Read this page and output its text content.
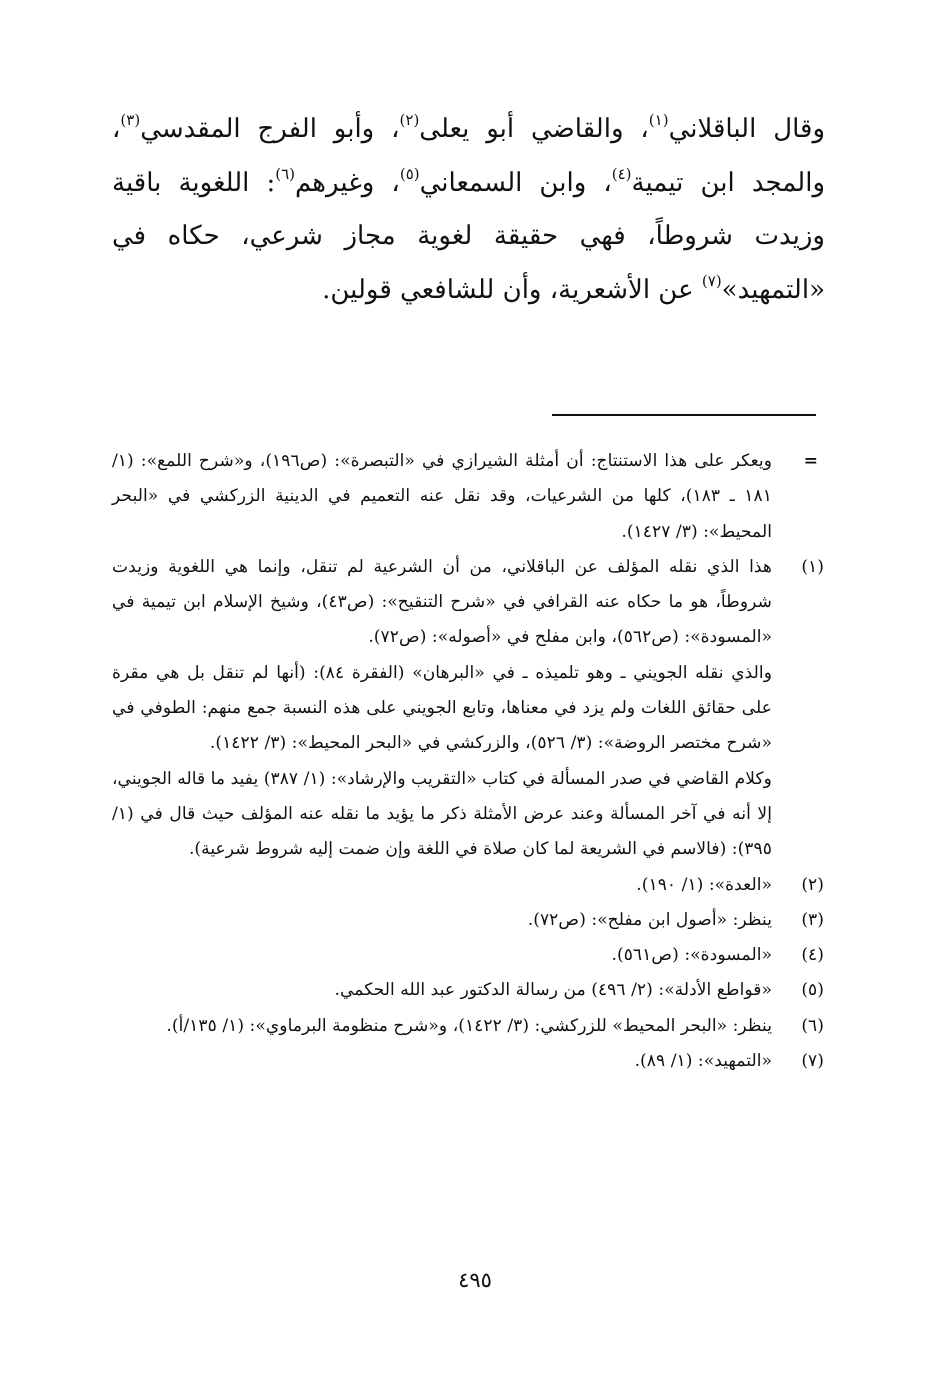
وقال الباقلاني$^{(١)}$، والقاضي أبو يعلى$^{(٢)}$، وأبو الفرج المقدسي$^{(٣)}$، والمجد ابن تيمية$^{(٤)}$، وابن السمعاني$^{(٥)}$، وغيرهم$^{(٦)}$: اللغوية باقية وزيدت شروطاً، فهي حقيقة لغوية مجاز شرعي، حكاه في «التمهيد»$^{(٧)}$ عن الأشعرية، وأن للشافعي قولين.

=
ويعكر على هذا الاستنتاج: أن أمثلة الشيرازي في «التبصرة»: (ص١٩٦)، و«شرح اللمع»: (١/ ١٨١ ـ ١٨٣)، كلها من الشرعيات، وقد نقل عنه التعميم في الدينية الزركشي في «البحر المحيط»: (٣/ ١٤٢٧).
(١)
هذا الذي نقله المؤلف عن الباقلاني، من أن الشرعية لم تنقل، وإنما هي اللغوية وزيدت شروطاً، هو ما حكاه عنه القرافي في «شرح التنقيح»: (ص٤٣)، وشيخ الإسلام ابن تيمية في «المسودة»: (ص٥٦٢)، وابن مفلح في «أصوله»: (ص٧٢).
والذي نقله الجويني ـ وهو تلميذه ـ في «البرهان» (الفقرة ٨٤): (أنها لم تنقل بل هي مقرة على حقائق اللغات ولم يزد في معناها، وتابع الجويني على هذه النسبة جمع منهم: الطوفي في «شرح مختصر الروضة»: (٣/ ٥٢٦)، والزركشي في «البحر المحيط»: (٣/ ١٤٢٢).
وكلام القاضي في صدر المسألة في كتاب «التقريب والإرشاد»: (١/ ٣٨٧) يفيد ما قاله الجويني، إلا أنه في آخر المسألة وعند عرض الأمثلة ذكر ما يؤيد ما نقله عنه المؤلف حيث قال في (١/ ٣٩٥): (فالاسم في الشريعة لما كان صلاة في اللغة وإن ضمت إليه شروط شرعية).
(٢)
«العدة»: (١/ ١٩٠).
(٣)
ينظر: «أصول ابن مفلح»: (ص٧٢).
(٤)
«المسودة»: (ص٥٦١).
(٥)
«قواطع الأدلة»: (٢/ ٤٩٦) من رسالة الدكتور عبد الله الحكمي.
(٦)
ينظر: «البحر المحيط» للزركشي: (٣/ ١٤٢٢)، و«شرح منظومة البرماوي»: (١/ ١٣٥/أ).
(٧)
«التمهيد»: (١/ ٨٩).
٤٩٥
